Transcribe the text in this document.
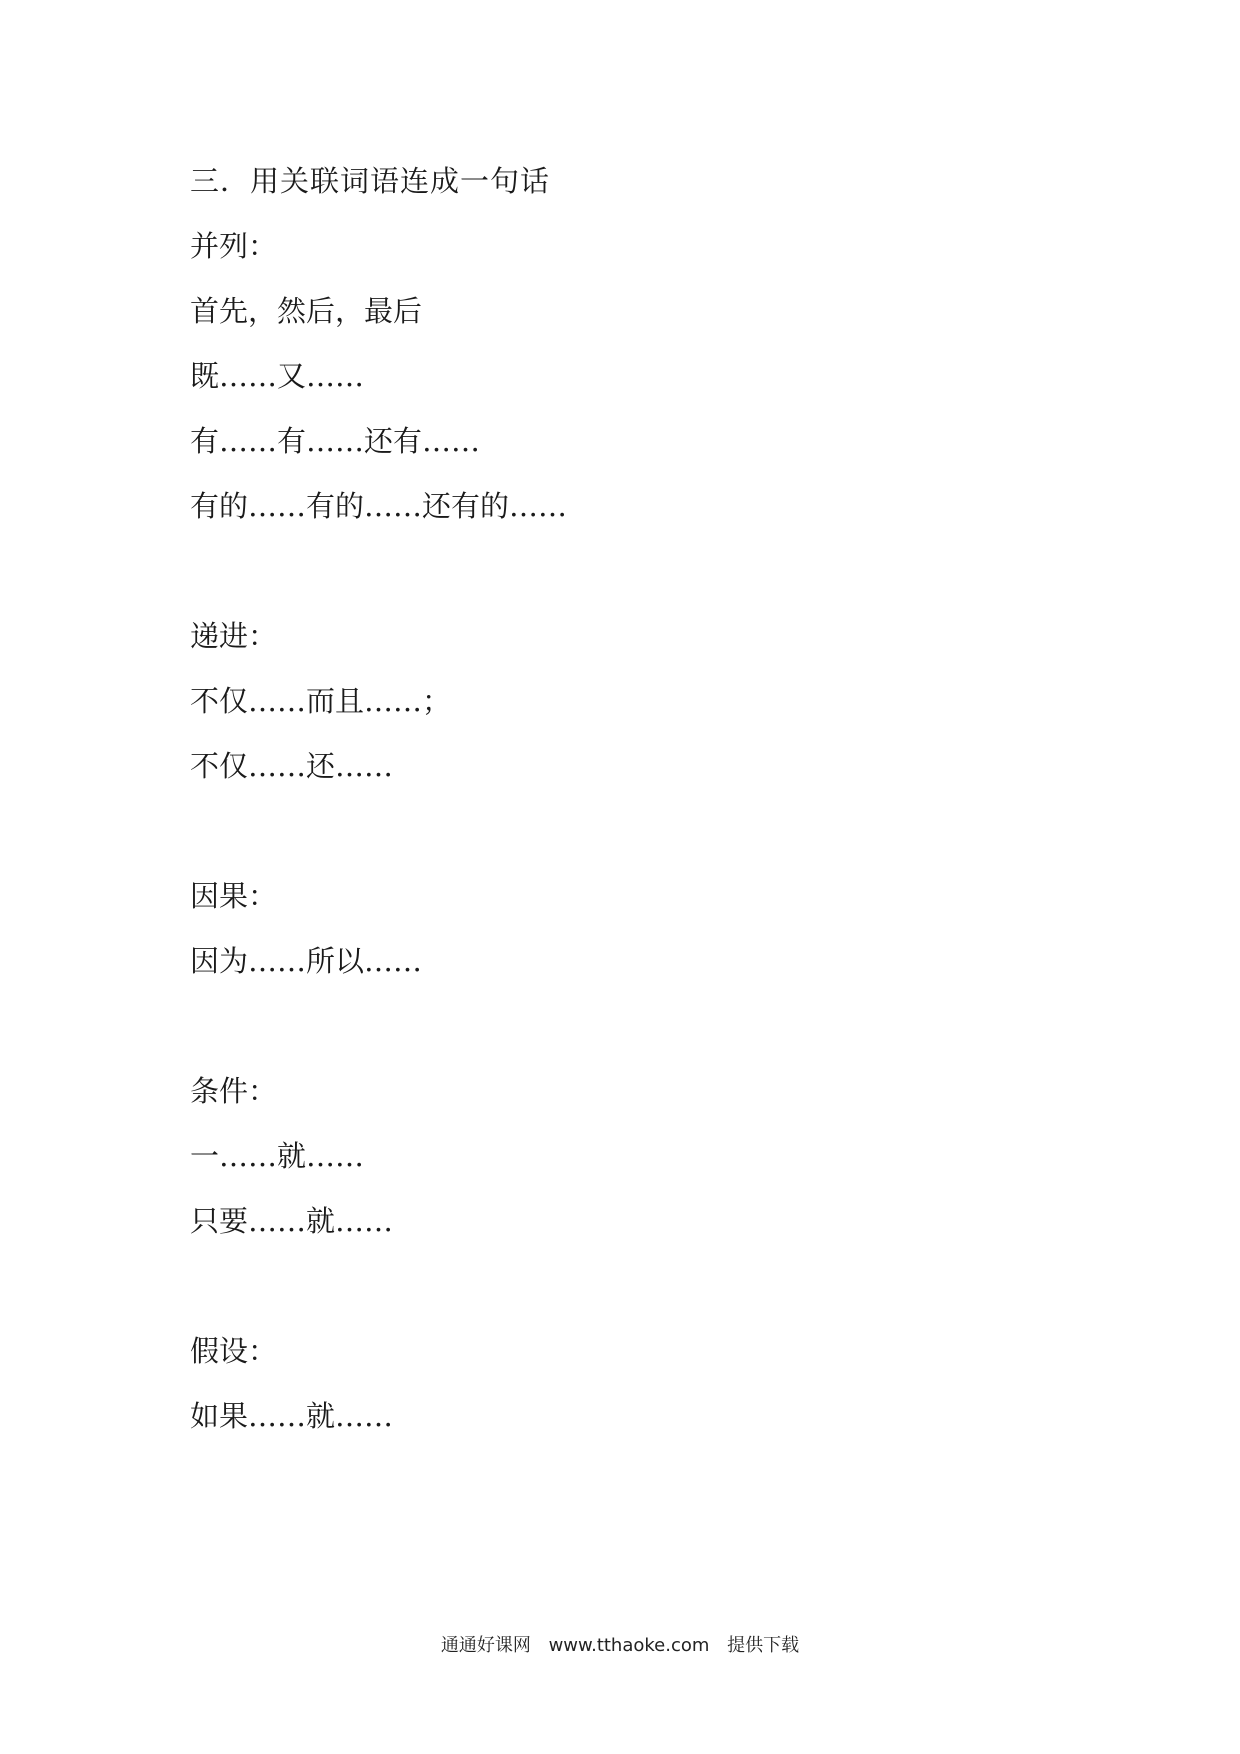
三．用关联词语连成一句话

并列：

首先，然后，最后

既……又……

有……有……还有……

有的……有的……还有的……

递进：

不仅……而且……；

不仅……还……

因果：

因为……所以……

条件：

一……就……

只要……就……

假设：

如果……就……

通通好课网 www.tthaoke.com 提供下载
